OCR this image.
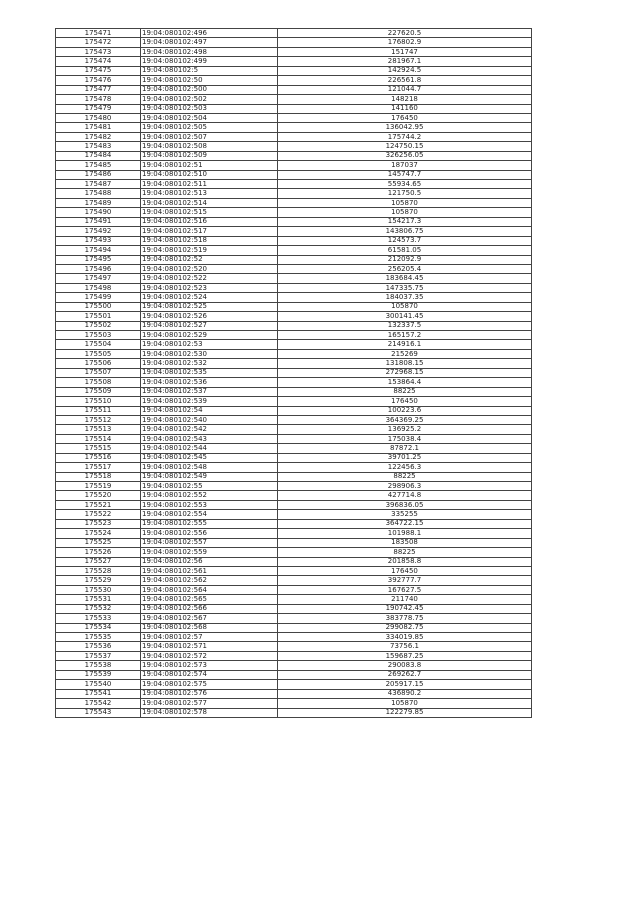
175471	19:04:080102:496	227620.5
175472	19:04:080102:497	176802.9
175473	19:04:080102:498	151747
175474	19:04:080102:499	281967.1
175475	19:04:080102:5	142924.5
175476	19:04:080102:50	226561.8
175477	19:04:080102:500	121044.7
175478	19:04:080102:502	148218
175479	19:04:080102:503	141160
175480	19:04:080102:504	176450
175481	19:04:080102:505	136042.95
175482	19:04:080102:507	175744.2
175483	19:04:080102:508	124750.15
175484	19:04:080102:509	326256.05
175485	19:04:080102:51	187037
175486	19:04:080102:510	145747.7
175487	19:04:080102:511	55934.65
175488	19:04:080102:513	121750.5
175489	19:04:080102:514	105870
175490	19:04:080102:515	105870
175491	19:04:080102:516	154217.3
175492	19:04:080102:517	143806.75
175493	19:04:080102:518	124573.7
175494	19:04:080102:519	61581.05
175495	19:04:080102:52	212092.9
175496	19:04:080102:520	256205.4
175497	19:04:080102:522	183684.45
175498	19:04:080102:523	147335.75
175499	19:04:080102:524	184037.35
175500	19:04:080102:525	105870
175501	19:04:080102:526	300141.45
175502	19:04:080102:527	132337.5
175503	19:04:080102:529	165157.2
175504	19:04:080102:53	214916.1
175505	19:04:080102:530	215269
175506	19:04:080102:532	131808.15
175507	19:04:080102:535	272968.15
175508	19:04:080102:536	153864.4
175509	19:04:080102:537	88225
175510	19:04:080102:539	176450
175511	19:04:080102:54	100223.6
175512	19:04:080102:540	364369.25
175513	19:04:080102:542	136925.2
175514	19:04:080102:543	175038.4
175515	19:04:080102:544	87872.1
175516	19:04:080102:545	39701.25
175517	19:04:080102:548	122456.3
175518	19:04:080102:549	88225
175519	19:04:080102:55	298906.3
175520	19:04:080102:552	427714.8
175521	19:04:080102:553	396836.05
175522	19:04:080102:554	335255
175523	19:04:080102:555	364722.15
175524	19:04:080102:556	101988.1
175525	19:04:080102:557	183508
175526	19:04:080102:559	88225
175527	19:04:080102:56	201858.8
175528	19:04:080102:561	176450
175529	19:04:080102:562	392777.7
175530	19:04:080102:564	167627.5
175531	19:04:080102:565	211740
175532	19:04:080102:566	190742.45
175533	19:04:080102:567	383778.75
175534	19:04:080102:568	299082.75
175535	19:04:080102:57	334019.85
175536	19:04:080102:571	73756.1
175537	19:04:080102:572	159687.25
175538	19:04:080102:573	290083.8
175539	19:04:080102:574	269262.7
175540	19:04:080102:575	205917.15
175541	19:04:080102:576	436890.2
175542	19:04:080102:577	105870
175543	19:04:080102:578	122279.85
